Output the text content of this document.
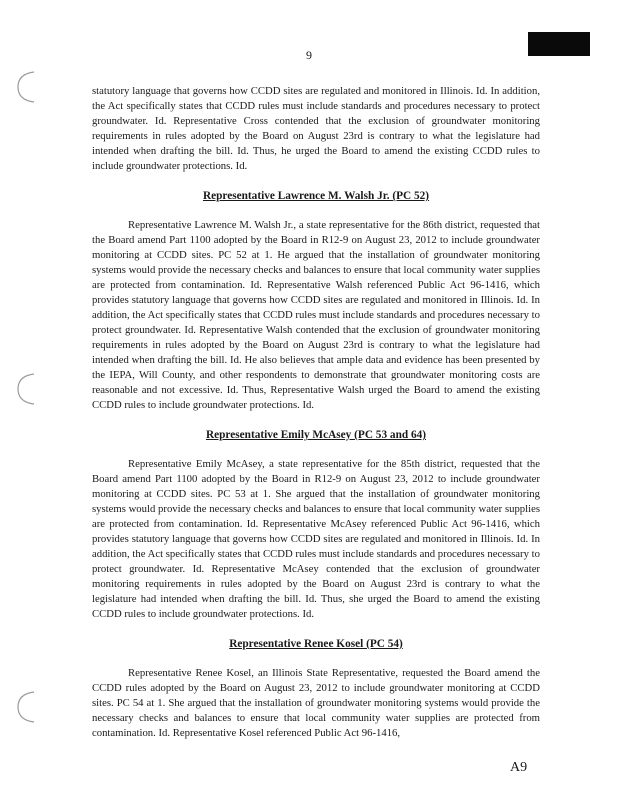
9

statutory language that governs how CCDD sites are regulated and monitored in Illinois. Id. In addition, the Act specifically states that CCDD rules must include standards and procedures necessary to protect groundwater. Id. Representative Cross contended that the exclusion of groundwater monitoring requirements in rules adopted by the Board on August 23rd is contrary to what the legislature had intended when drafting the bill. Id. Thus, he urged the Board to amend the existing CCDD rules to include groundwater protections. Id.

Representative Lawrence M. Walsh Jr. (PC 52)

Representative Lawrence M. Walsh Jr., a state representative for the 86th district, requested that the Board amend Part 1100 adopted by the Board in R12-9 on August 23, 2012 to include groundwater monitoring at CCDD sites. PC 52 at 1. He argued that the installation of groundwater monitoring systems would provide the necessary checks and balances to ensure that local community water supplies are protected from contamination. Id. Representative Walsh referenced Public Act 96-1416, which provides statutory language that governs how CCDD sites are regulated and monitored in Illinois. Id. In addition, the Act specifically states that CCDD rules must include standards and procedures necessary to protect groundwater. Id. Representative Walsh contended that the exclusion of groundwater monitoring requirements in rules adopted by the Board on August 23rd is contrary to what the legislature had intended when drafting the bill. Id. He also believes that ample data and evidence has been presented by the IEPA, Will County, and other respondents to demonstrate that groundwater monitoring costs are reasonable and not excessive. Id. Thus, Representative Walsh urged the Board to amend the existing CCDD rules to include groundwater protections. Id.

Representative Emily McAsey (PC 53 and 64)

Representative Emily McAsey, a state representative for the 85th district, requested that the Board amend Part 1100 adopted by the Board in R12-9 on August 23, 2012 to include groundwater monitoring at CCDD sites. PC 53 at 1. She argued that the installation of groundwater monitoring systems would provide the necessary checks and balances to ensure that local community water supplies are protected from contamination. Id. Representative McAsey referenced Public Act 96-1416, which provides statutory language that governs how CCDD sites are regulated and monitored in Illinois. Id. In addition, the Act specifically states that CCDD rules must include standards and procedures necessary to protect groundwater. Id. Representative McAsey contended that the exclusion of groundwater monitoring requirements in rules adopted by the Board on August 23rd is contrary to what the legislature had intended when drafting the bill. Id. Thus, she urged the Board to amend the existing CCDD rules to include groundwater protections. Id.

Representative Renee Kosel (PC 54)

Representative Renee Kosel, an Illinois State Representative, requested the Board amend the CCDD rules adopted by the Board on August 23, 2012 to include groundwater monitoring at CCDD sites. PC 54 at 1. She argued that the installation of groundwater monitoring systems would provide the necessary checks and balances to ensure that local community water supplies are protected from contamination. Id. Representative Kosel referenced Public Act 96-1416,

A9
